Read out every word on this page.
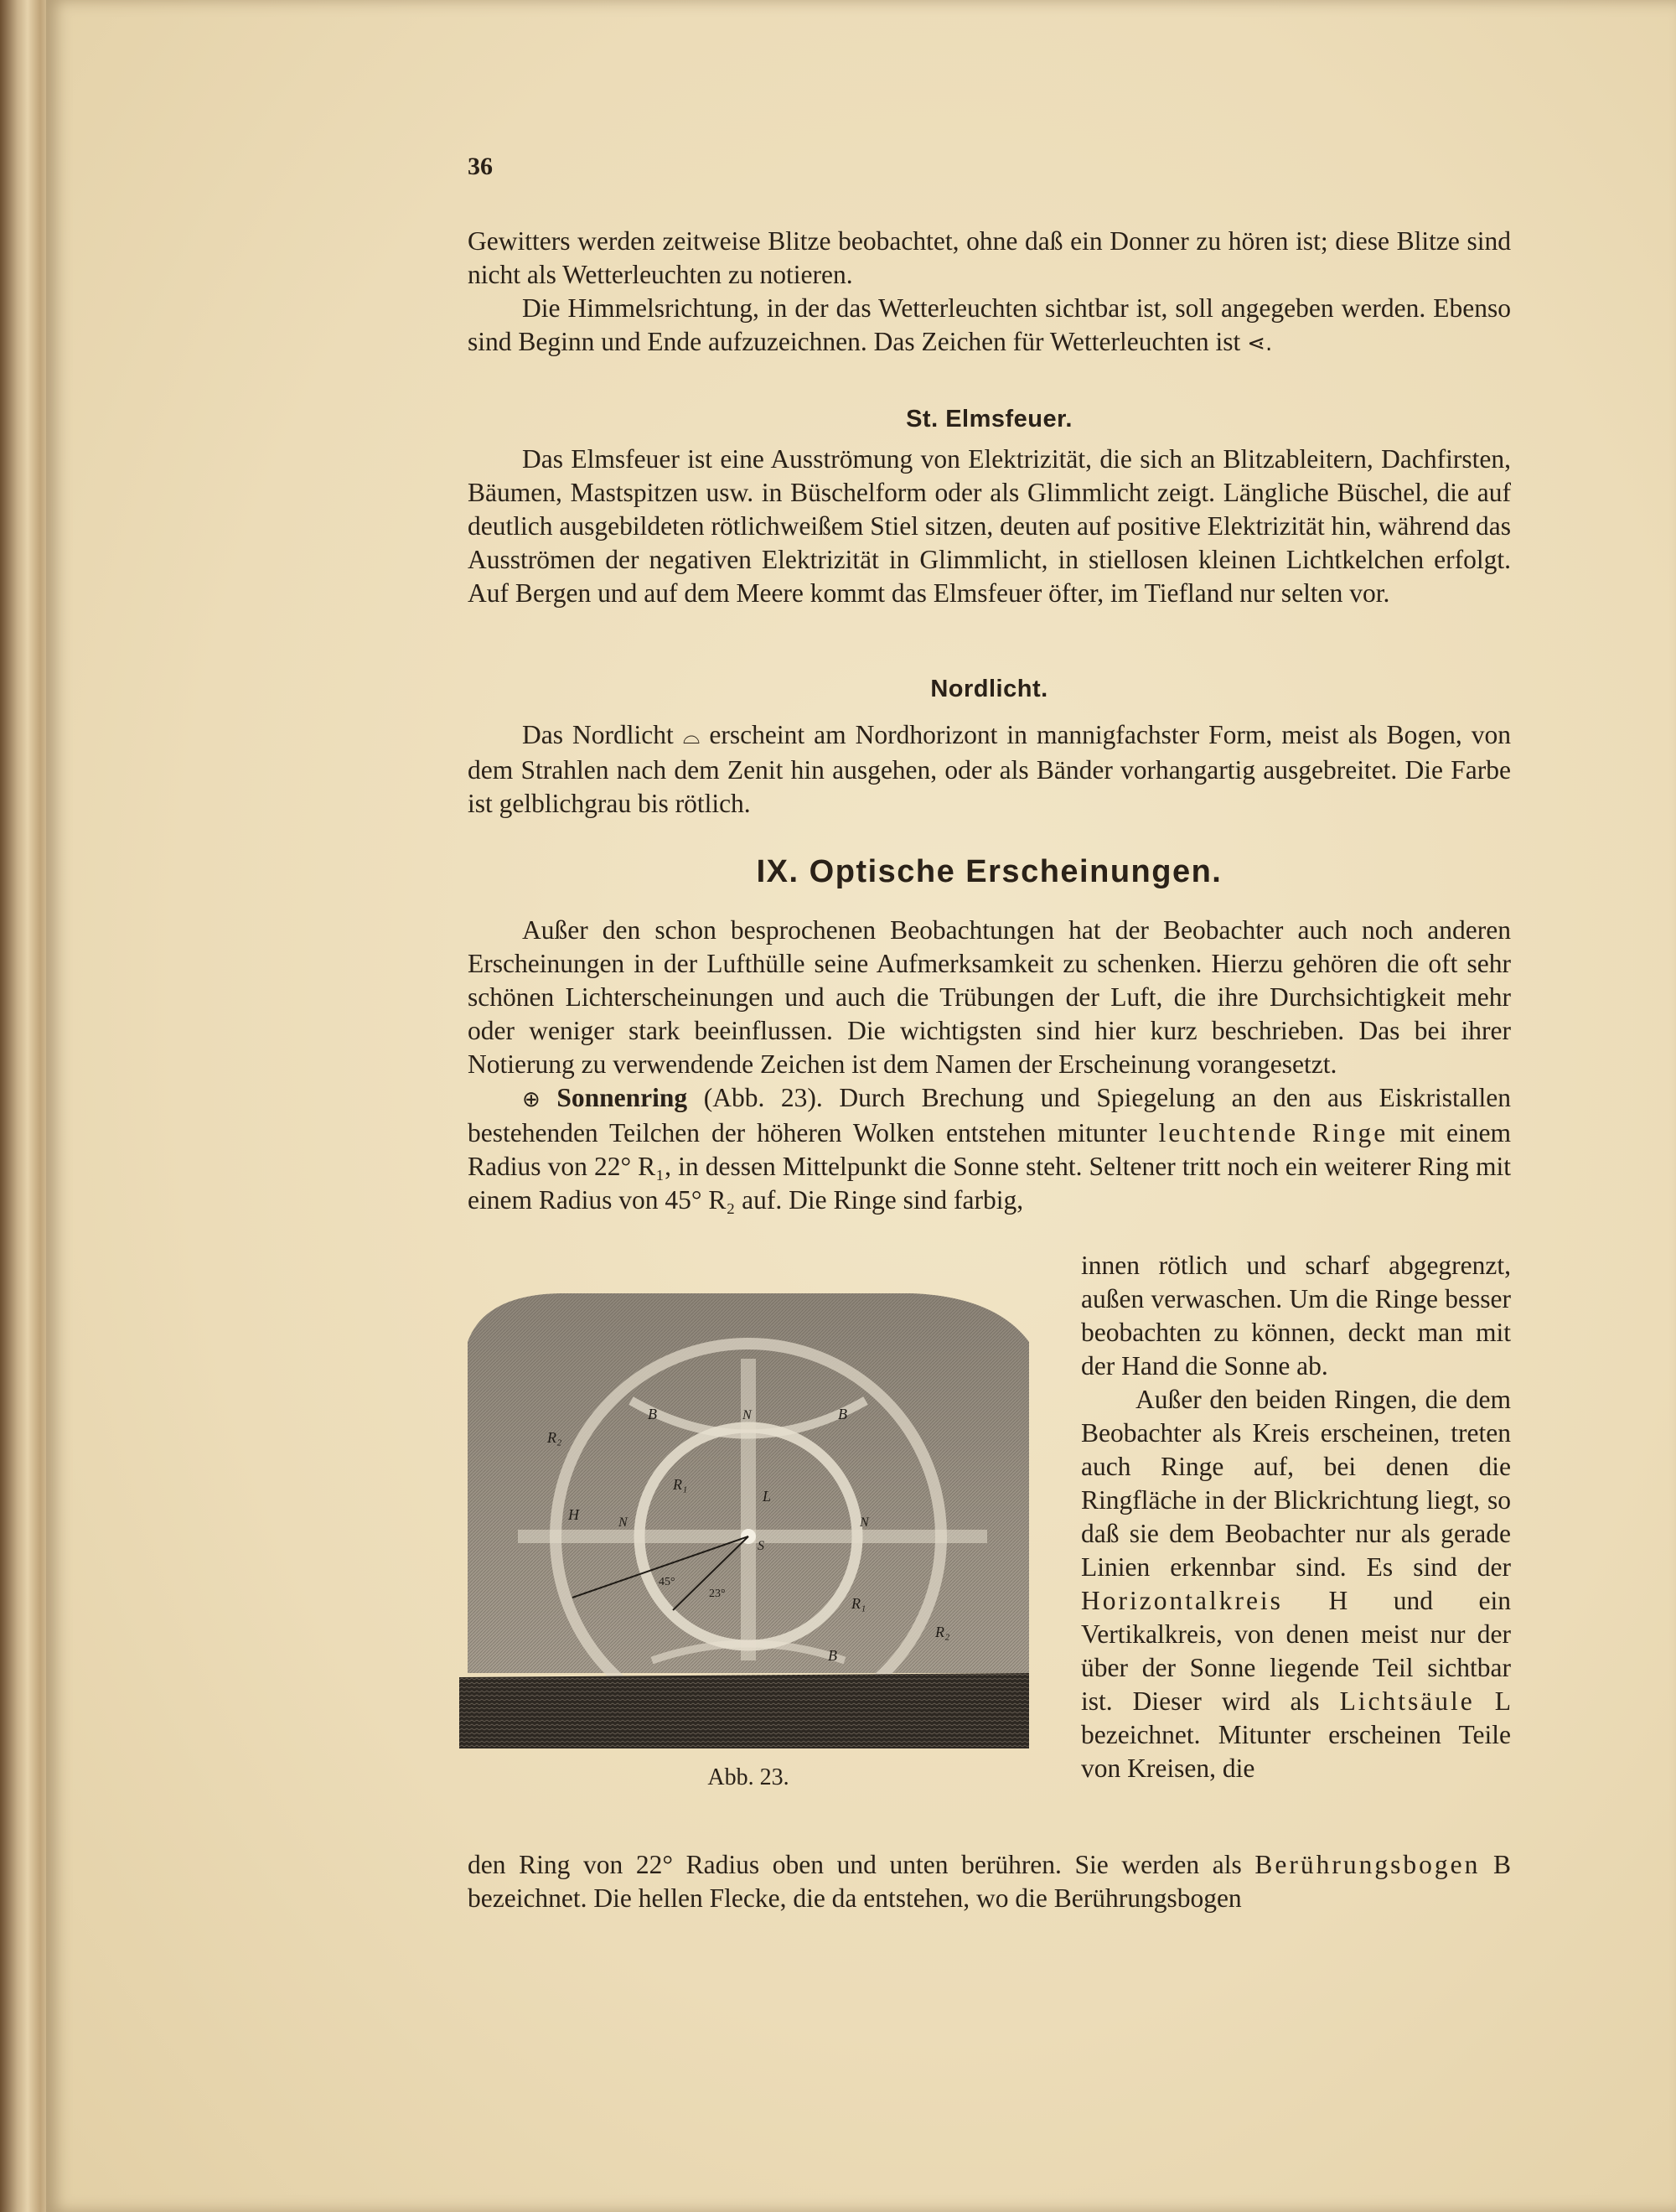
36

Gewitters werden zeitweise Blitze beobachtet, ohne daß ein Donner zu hören ist; diese Blitze sind nicht als Wetterleuchten zu notieren.

Die Himmelsrichtung, in der das Wetterleuchten sichtbar ist, soll angegeben werden. Ebenso sind Beginn und Ende aufzuzeichnen. Das Zeichen für Wetterleuchten ist ⋖.

St. Elmsfeuer.

Das Elmsfeuer ist eine Ausströmung von Elektrizität, die sich an Blitzableitern, Dachfirsten, Bäumen, Mastspitzen usw. in Büschelform oder als Glimmlicht zeigt. Längliche Büschel, die auf deutlich ausgebildeten rötlichweißem Stiel sitzen, deuten auf positive Elektrizität hin, während das Ausströmen der negativen Elektrizität in Glimmlicht, in stiellosen kleinen Lichtkelchen erfolgt. Auf Bergen und auf dem Meere kommt das Elmsfeuer öfter, im Tiefland nur selten vor.

Nordlicht.

Das Nordlicht ⌓ erscheint am Nordhorizont in mannigfachster Form, meist als Bogen, von dem Strahlen nach dem Zenit hin ausgehen, oder als Bänder vorhangartig ausgebreitet. Die Farbe ist gelblichgrau bis rötlich.

IX. Optische Erscheinungen.

Außer den schon besprochenen Beobachtungen hat der Beobachter auch noch anderen Erscheinungen in der Lufthülle seine Aufmerksamkeit zu schenken. Hierzu gehören die oft sehr schönen Lichterscheinungen und auch die Trübungen der Luft, die ihre Durchsichtigkeit mehr oder weniger stark beeinflussen. Die wichtigsten sind hier kurz beschrieben. Das bei ihrer Notierung zu verwendende Zeichen ist dem Namen der Erscheinung vorangesetzt.

⊕ Sonnenring (Abb. 23). Durch Brechung und Spiegelung an den aus Eiskristallen bestehenden Teilchen der höheren Wolken entstehen mitunter leuchtende Ringe mit einem Radius von 22° R₁, in dessen Mittelpunkt die Sonne steht. Seltener tritt noch ein weiterer Ring mit einem Radius von 45° R₂ auf. Die Ringe sind farbig,

innen rötlich und scharf abgegrenzt, außen verwaschen. Um die Ringe besser beobachten zu können, deckt man mit der Hand die Sonne ab.

Außer den beiden Ringen, die dem Beobachter als Kreis erscheinen, treten auch Ringe auf, bei denen die Ringfläche in der Blickrichtung liegt, so daß sie dem Beobachter nur als gerade Linien erkennbar sind. Es sind der Horizontalkreis H und ein Vertikalkreis, von denen meist nur der über der Sonne liegende Teil sichtbar ist. Dieser wird als Lichtsäule L bezeichnet. Mitunter erscheinen Teile von Kreisen, die

B	N	B
R₂
R₁
L
H	N	N
S
45°
23°
R₁
R₂
B
Abb. 23.

den Ring von 22° Radius oben und unten berühren. Sie werden als Berührungsbogen B bezeichnet. Die hellen Flecke, die da entstehen, wo die Berührungsbogen
